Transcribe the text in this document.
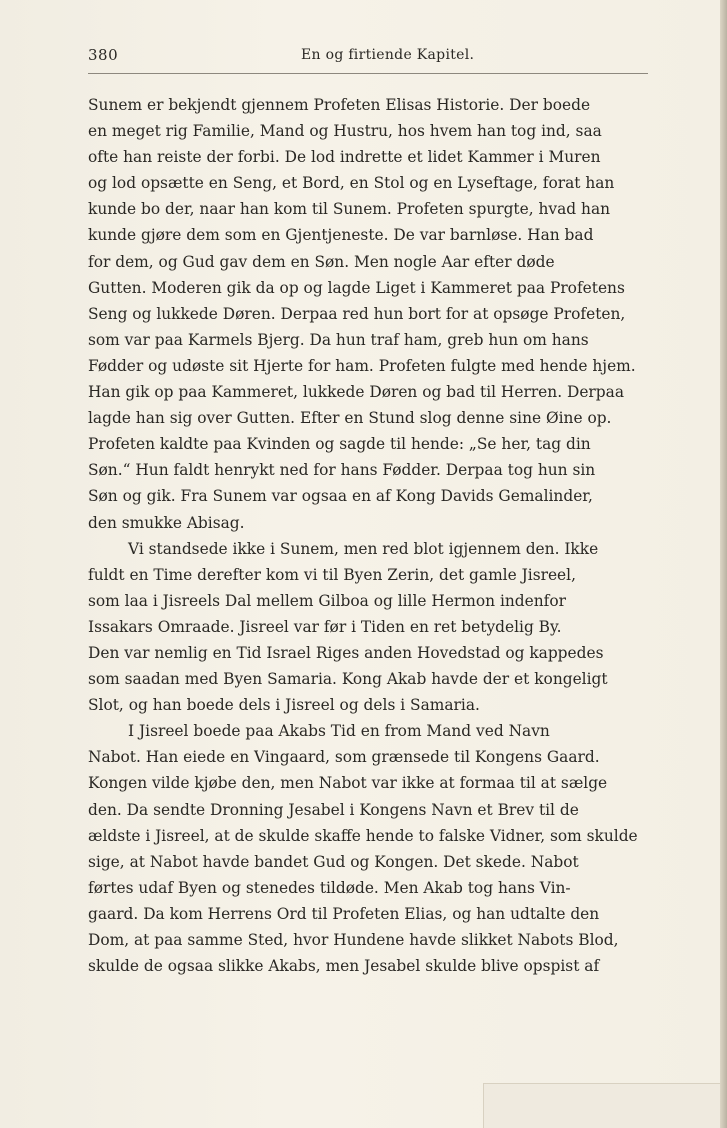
380	En og firtiende Kapitel.

Sunem er bekjendt gjennem Profeten Elisas Historie. Der boede
en meget rig Familie, Mand og Hustru, hos hvem han tog ind, saa
ofte han reiste der forbi. De lod indrette et lidet Kammer i Muren
og lod opsætte en Seng, et Bord, en Stol og en Lyseftage, forat han
kunde bo der, naar han kom til Sunem. Profeten spurgte, hvad han
kunde gjøre dem som en Gjentjeneste. De var barnløse. Han bad
for dem, og Gud gav dem en Søn. Men nogle Aar efter døde
Gutten. Moderen gik da op og lagde Liget i Kammeret paa Profetens
Seng og lukkede Døren. Derpaa red hun bort for at opsøge Profeten,
som var paa Karmels Bjerg. Da hun traf ham, greb hun om hans
Fødder og udøste sit Hjerte for ham. Profeten fulgte med hende hjem.
Han gik op paa Kammeret, lukkede Døren og bad til Herren. Derpaa
lagde han sig over Gutten. Efter en Stund slog denne sine Øine op.
Profeten kaldte paa Kvinden og sagde til hende: „Se her, tag din
Søn.“ Hun faldt henrykt ned for hans Fødder. Derpaa tog hun sin
Søn og gik. Fra Sunem var ogsaa en af Kong Davids Gemalinder,
den smukke Abisag.

Vi standsede ikke i Sunem, men red blot igjennem den. Ikke
fuldt en Time derefter kom vi til Byen Zerin, det gamle Jisreel,
som laa i Jisreels Dal mellem Gilboa og lille Hermon indenfor
Issakars Omraade. Jisreel var før i Tiden en ret betydelig By.
Den var nemlig en Tid Israel Riges anden Hovedstad og kappedes
som saadan med Byen Samaria. Kong Akab havde der et kongeligt
Slot, og han boede dels i Jisreel og dels i Samaria.

I Jisreel boede paa Akabs Tid en from Mand ved Navn
Nabot. Han eiede en Vingaard, som grænsede til Kongens Gaard.
Kongen vilde kjøbe den, men Nabot var ikke at formaa til at sælge
den. Da sendte Dronning Jesabel i Kongens Navn et Brev til de
ældste i Jisreel, at de skulde skaffe hende to falske Vidner, som skulde
sige, at Nabot havde bandet Gud og Kongen. Det skede. Nabot
førtes udaf Byen og stenedes tildøde. Men Akab tog hans Vin-
gaard. Da kom Herrens Ord til Profeten Elias, og han udtalte den
Dom, at paa samme Sted, hvor Hundene havde slikket Nabots Blod,
skulde de ogsaa slikke Akabs, men Jesabel skulde blive opspist af
